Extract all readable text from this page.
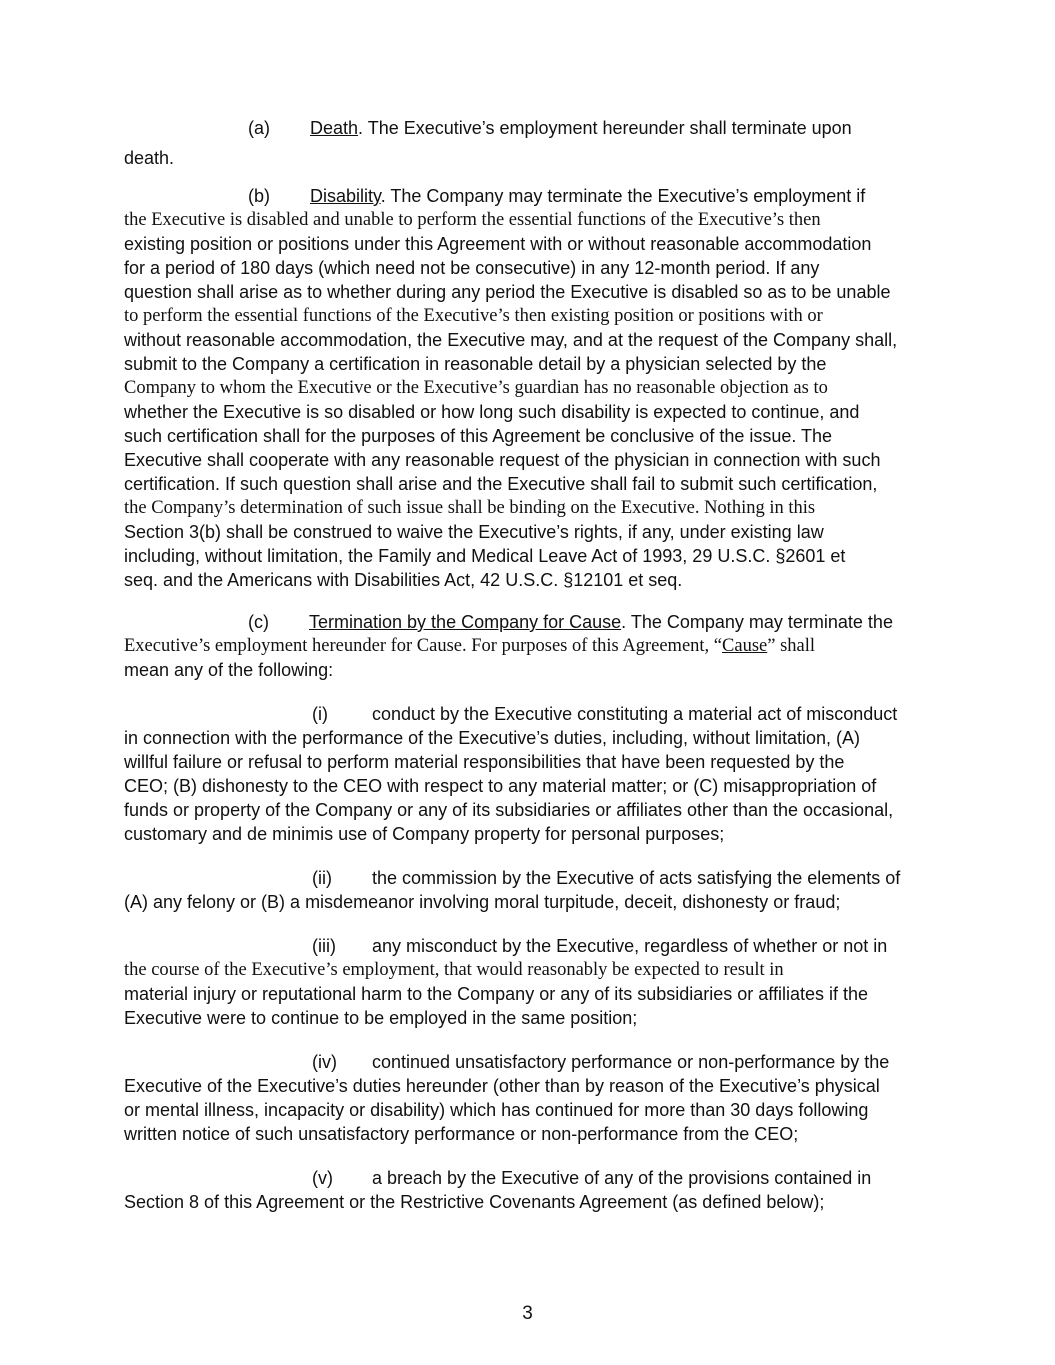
(a) Death. The Executive’s employment hereunder shall terminate upon

death.

(b) Disability. The Company may terminate the Executive’s employment if

the Executive is disabled and unable to perform the essential functions of the Executive’s then

existing position or positions under this Agreement with or without reasonable accommodation

for a period of 180 days (which need not be consecutive) in any 12-month period. If any

question shall arise as to whether during any period the Executive is disabled so as to be unable

to perform the essential functions of the Executive’s then existing position or positions with or

without reasonable accommodation, the Executive may, and at the request of the Company shall,

submit to the Company a certification in reasonable detail by a physician selected by the

Company to whom the Executive or the Executive’s guardian has no reasonable objection as to

whether the Executive is so disabled or how long such disability is expected to continue, and

such certification shall for the purposes of this Agreement be conclusive of the issue. The

Executive shall cooperate with any reasonable request of the physician in connection with such

certification. If such question shall arise and the Executive shall fail to submit such certification,

the Company’s determination of such issue shall be binding on the Executive. Nothing in this

Section 3(b) shall be construed to waive the Executive’s rights, if any, under existing law

including, without limitation, the Family and Medical Leave Act of 1993, 29 U.S.C. §2601 et

seq. and the Americans with Disabilities Act, 42 U.S.C. §12101 et seq.

(c) Termination by the Company for Cause. The Company may terminate the

Executive’s employment hereunder for Cause. For purposes of this Agreement, “Cause” shall

mean any of the following:

(i) conduct by the Executive constituting a material act of misconduct

in connection with the performance of the Executive’s duties, including, without limitation, (A)

willful failure or refusal to perform material responsibilities that have been requested by the

CEO; (B) dishonesty to the CEO with respect to any material matter; or (C) misappropriation of

funds or property of the Company or any of its subsidiaries or affiliates other than the occasional,

customary and de minimis use of Company property for personal purposes;

(ii) the commission by the Executive of acts satisfying the elements of

(A) any felony or (B) a misdemeanor involving moral turpitude, deceit, dishonesty or fraud;

(iii) any misconduct by the Executive, regardless of whether or not in

the course of the Executive’s employment, that would reasonably be expected to result in

material injury or reputational harm to the Company or any of its subsidiaries or affiliates if the

Executive were to continue to be employed in the same position;

(iv) continued unsatisfactory performance or non-performance by the

Executive of the Executive’s duties hereunder (other than by reason of the Executive’s physical

or mental illness, incapacity or disability) which has continued for more than 30 days following

written notice of such unsatisfactory performance or non-performance from the CEO;

(v) a breach by the Executive of any of the provisions contained in

Section 8 of this Agreement or the Restrictive Covenants Agreement (as defined below);

3
